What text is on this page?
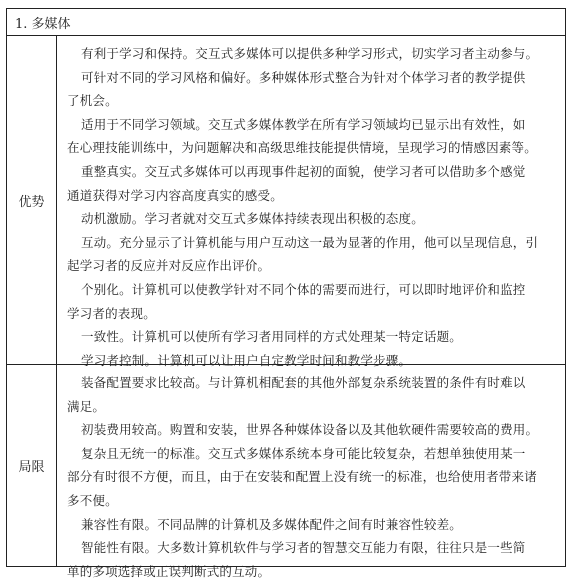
1. 多媒体
优势
有利于学习和保持。交互式多媒体可以提供多种学习形式，切实学习者主动参与。
可针对不同的学习风格和偏好。多种媒体形式整合为针对个体学习者的教学提供
了机会。
适用于不同学习领域。交互式多媒体教学在所有学习领域均已显示出有效性，如
在心理技能训练中，为问题解决和高级思维技能提供情境，呈现学习的情感因素等。
重整真实。交互式多媒体可以再现事件起初的面貌，使学习者可以借助多个感觉
通道获得对学习内容高度真实的感受。
动机激励。学习者就对交互式多媒体持续表现出积极的态度。
互动。充分显示了计算机能与用户互动这一最为显著的作用，他可以呈现信息，引
起学习者的反应并对反应作出评价。
个别化。计算机可以使教学针对不同个体的需要而进行，可以即时地评价和监控
学习者的表现。
一致性。计算机可以使所有学习者用同样的方式处理某一特定话题。
学习者控制。计算机可以让用户自定教学时间和教学步骤。
局限
装备配置要求比较高。与计算机相配套的其他外部复杂系统装置的条件有时难以
满足。
初装费用较高。购置和安装，世界各种媒体设备以及其他软硬件需要较高的费用。
复杂且无统一的标准。交互式多媒体系统本身可能比较复杂，若想单独使用某一
部分有时很不方便，而且，由于在安装和配置上没有统一的标准，也给使用者带来诸
多不便。
兼容性有限。不同品牌的计算机及多媒体配件之间有时兼容性较差。
智能性有限。大多数计算机软件与学习者的智慧交互能力有限，往往只是一些简
单的多项选择或正误判断式的互动。
